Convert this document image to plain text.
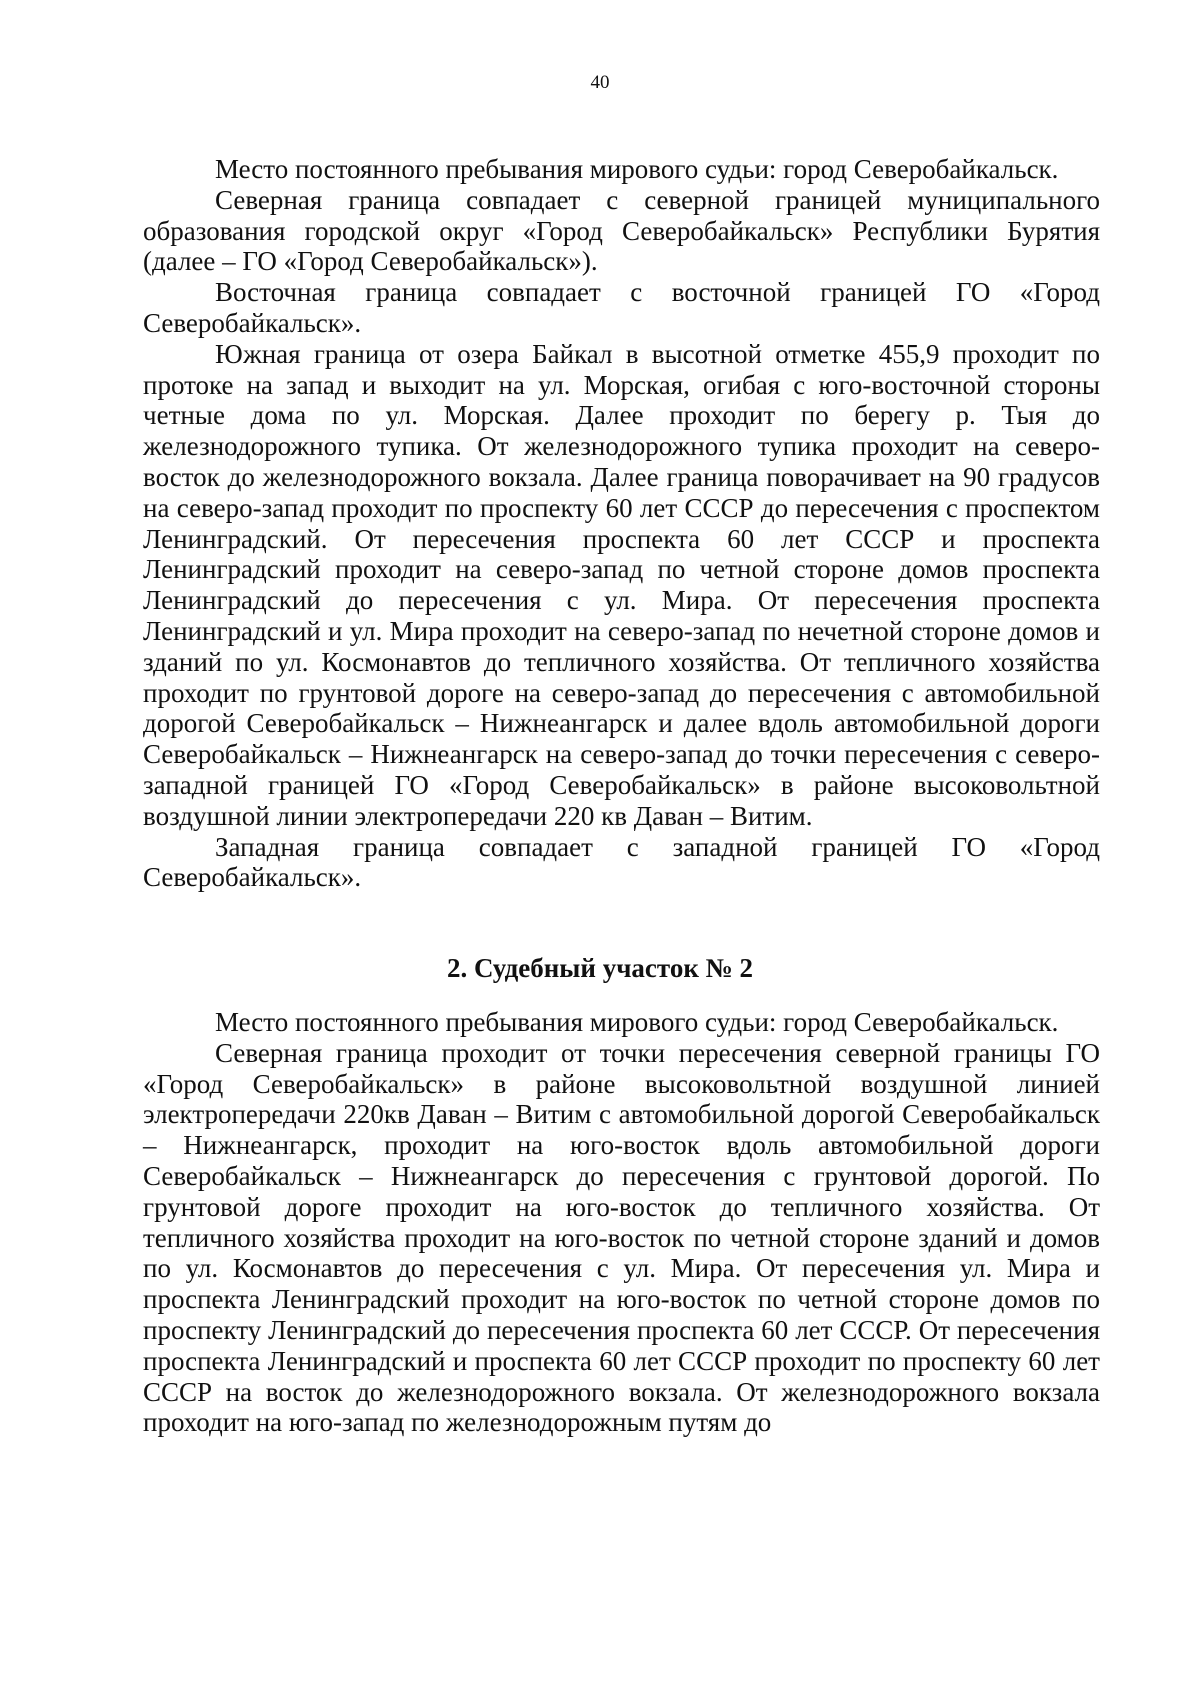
40

Место постоянного пребывания мирового судьи: город Северобайкальск.

Северная граница совпадает с северной границей муниципального образования городской округ «Город Северобайкальск» Республики Бурятия (далее – ГО «Город Северобайкальск»).

Восточная граница совпадает с восточной границей ГО «Город Северобайкальск».

Южная граница от озера Байкал в высотной отметке 455,9 проходит по протоке на запад и выходит на ул. Морская, огибая с юго-восточной стороны четные дома по ул. Морская. Далее проходит по берегу р. Тыя до железнодорожного тупика. От железнодорожного тупика проходит на северо-восток до железнодорожного вокзала. Далее граница поворачивает на 90 градусов на северо-запад проходит по проспекту 60 лет СССР до пересечения с проспектом Ленинградский. От пересечения проспекта 60 лет СССР и проспекта Ленинградский проходит на северо-запад по четной стороне домов проспекта Ленинградский до пересечения с ул. Мира. От пересечения проспекта Ленинградский и ул. Мира проходит на северо-запад по нечетной стороне домов и зданий по ул. Космонавтов до тепличного хозяйства. От тепличного хозяйства проходит по грунтовой дороге на северо-запад до пересечения с автомобильной дорогой Северобайкальск – Нижнеангарск и далее вдоль автомобильной дороги Северобайкальск – Нижнеангарск на северо-запад до точки пересечения с северо-западной границей ГО «Город Северобайкальск» в районе высоковольтной воздушной линии электропередачи 220 кв Даван – Витим.

Западная граница совпадает с западной границей ГО «Город Северобайкальск».

2. Судебный участок № 2

Место постоянного пребывания мирового судьи: город Северобайкальск.

Северная граница проходит от точки пересечения северной границы ГО «Город Северобайкальск» в районе высоковольтной воздушной линией электропередачи 220кв Даван – Витим с автомобильной дорогой Северобайкальск – Нижнеангарск, проходит на юго-восток вдоль автомобильной дороги Северобайкальск – Нижнеангарск до пересечения с грунтовой дорогой. По грунтовой дороге проходит на юго-восток до тепличного хозяйства. От тепличного хозяйства проходит на юго-восток по четной стороне зданий и домов по ул. Космонавтов до пересечения с ул. Мира. От пересечения ул. Мира и проспекта Ленинградский проходит на юго-восток по четной стороне домов по проспекту Ленинградский до пересечения проспекта 60 лет СССР. От пересечения проспекта Ленинградский и проспекта 60 лет СССР проходит по проспекту 60 лет СССР на восток до железнодорожного вокзала. От железнодорожного вокзала проходит на юго-запад по железнодорожным путям до
